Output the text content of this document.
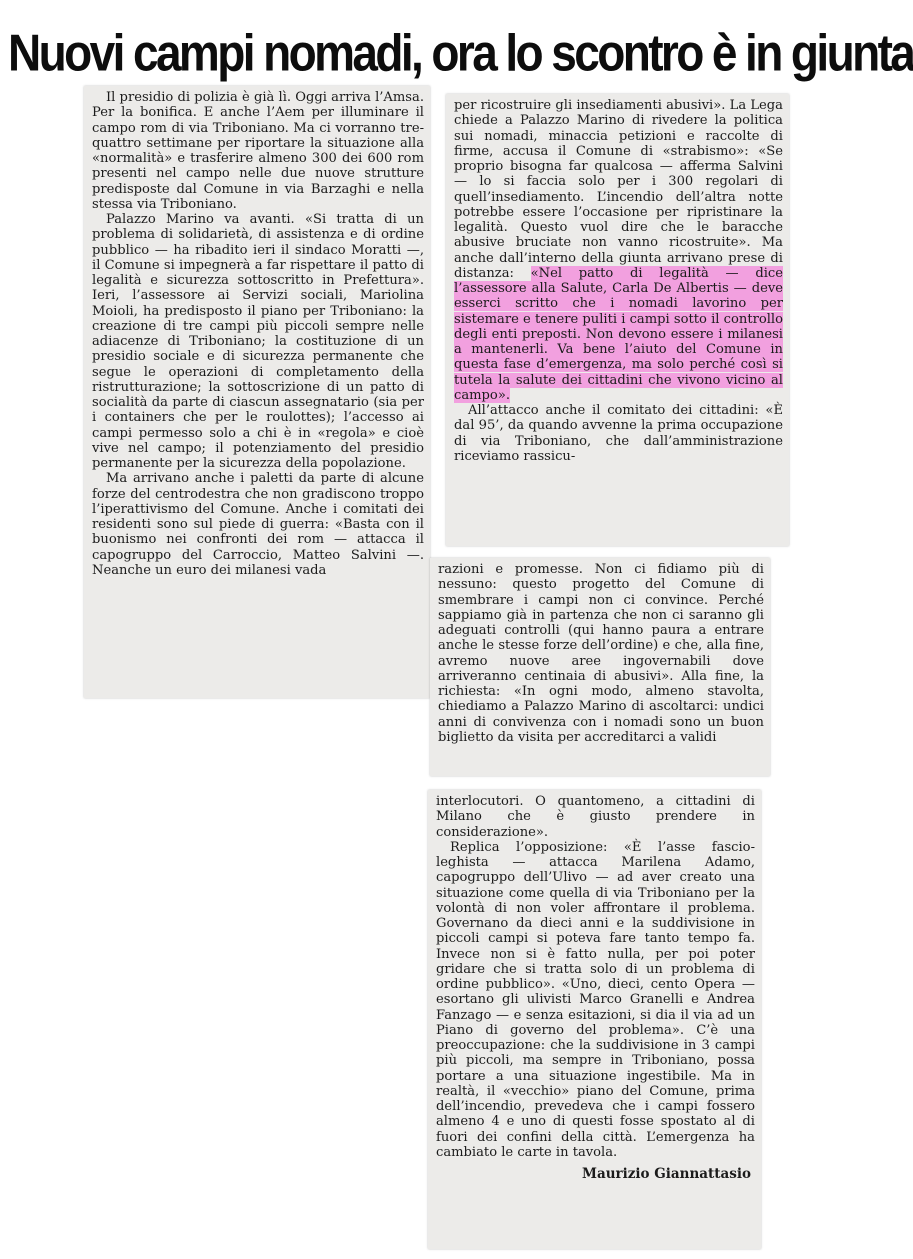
Nuovi campi nomadi, ora lo scontro è in giunta

Il presidio di polizia è già lì. Oggi arriva l’Amsa. Per la bonifica. E anche l’Aem per illuminare il campo rom di via Triboniano. Ma ci vorranno tre-quattro settimane per riportare la situazione alla «normalità» e trasferire almeno 300 dei 600 rom presenti nel campo nelle due nuove strutture predisposte dal Comune in via Barzaghi e nella stessa via Triboniano.

Palazzo Marino va avanti. «Si tratta di un problema di solidarietà, di assistenza e di ordine pubblico — ha ribadito ieri il sindaco Moratti —, il Comune si impegnerà a far rispettare il patto di legalità e sicurezza sottoscritto in Prefettura». Ieri, l’assessore ai Servizi sociali, Mariolina Moioli, ha predisposto il piano per Triboniano: la creazione di tre campi più piccoli sempre nelle adiacenze di Triboniano; la costituzione di un presidio sociale e di sicurezza permanente che segue le operazioni di completamento della ristrutturazione; la sottoscrizione di un patto di socialità da parte di ciascun assegnatario (sia per i containers che per le roulottes); l’accesso ai campi permesso solo a chi è in «regola» e cioè vive nel campo; il potenziamento del presidio permanente per la sicurezza della popolazione.

Ma arrivano anche i paletti da parte di alcune forze del centrodestra che non gradiscono troppo l’iperattivismo del Comune. Anche i comitati dei residenti sono sul piede di guerra: «Basta con il buonismo nei confronti dei rom — attacca il capogruppo del Carroccio, Matteo Salvini —. Neanche un euro dei milanesi vada

per ricostruire gli insediamenti abusivi». La Lega chiede a Palazzo Marino di rivedere la politica sui nomadi, minaccia petizioni e raccolte di firme, accusa il Comune di «strabismo»: «Se proprio bisogna far qualcosa — afferma Salvini — lo si faccia solo per i 300 regolari di quell’insediamento. L’incendio dell’altra notte potrebbe essere l’occasione per ripristinare la legalità. Questo vuol dire che le baracche abusive bruciate non vanno ricostruite». Ma anche dall’interno della giunta arrivano prese di distanza: «Nel patto di legalità — dice l’assessore alla Salute, Carla De Albertis — deve esserci scritto che i nomadi lavorino per sistemare e tenere puliti i campi sotto il controllo degli enti preposti. Non devono essere i milanesi a mantenerli. Va bene l’aiuto del Comune in questa fase d’emergenza, ma solo perché così si tutela la salute dei cittadini che vivono vicino al campo».

All’attacco anche il comitato dei cittadini: «È dal 95’, da quando avvenne la prima occupazione di via Triboniano, che dall’amministrazione riceviamo rassicu-

razioni e promesse. Non ci fidiamo più di nessuno: questo progetto del Comune di smembrare i campi non ci convince. Perché sappiamo già in partenza che non ci saranno gli adeguati controlli (qui hanno paura a entrare anche le stesse forze dell’ordine) e che, alla fine, avremo nuove aree ingovernabili dove arriveranno centinaia di abusivi». Alla fine, la richiesta: «In ogni modo, almeno stavolta, chiediamo a Palazzo Marino di ascoltarci: undici anni di convivenza con i nomadi sono un buon biglietto da visita per accreditarci a validi

interlocutori. O quantomeno, a cittadini di Milano che è giusto prendere in considerazione».

Replica l’opposizione: «È l’asse fascio-leghista — attacca Marilena Adamo, capogruppo dell’Ulivo — ad aver creato una situazione come quella di via Triboniano per la volontà di non voler affrontare il problema. Governano da dieci anni e la suddivisione in piccoli campi si poteva fare tanto tempo fa. Invece non si è fatto nulla, per poi poter gridare che si tratta solo di un problema di ordine pubblico». «Uno, dieci, cento Opera — esortano gli ulivisti Marco Granelli e Andrea Fanzago — e senza esitazioni, si dia il via ad un Piano di governo del problema». C’è una preoccupazione: che la suddivisione in 3 campi più piccoli, ma sempre in Triboniano, possa portare a una situazione ingestibile. Ma in realtà, il «vecchio» piano del Comune, prima dell’incendio, prevedeva che i campi fossero almeno 4 e uno di questi fosse spostato al di fuori dei confini della città. L’emergenza ha cambiato le carte in tavola.

Maurizio Giannattasio
